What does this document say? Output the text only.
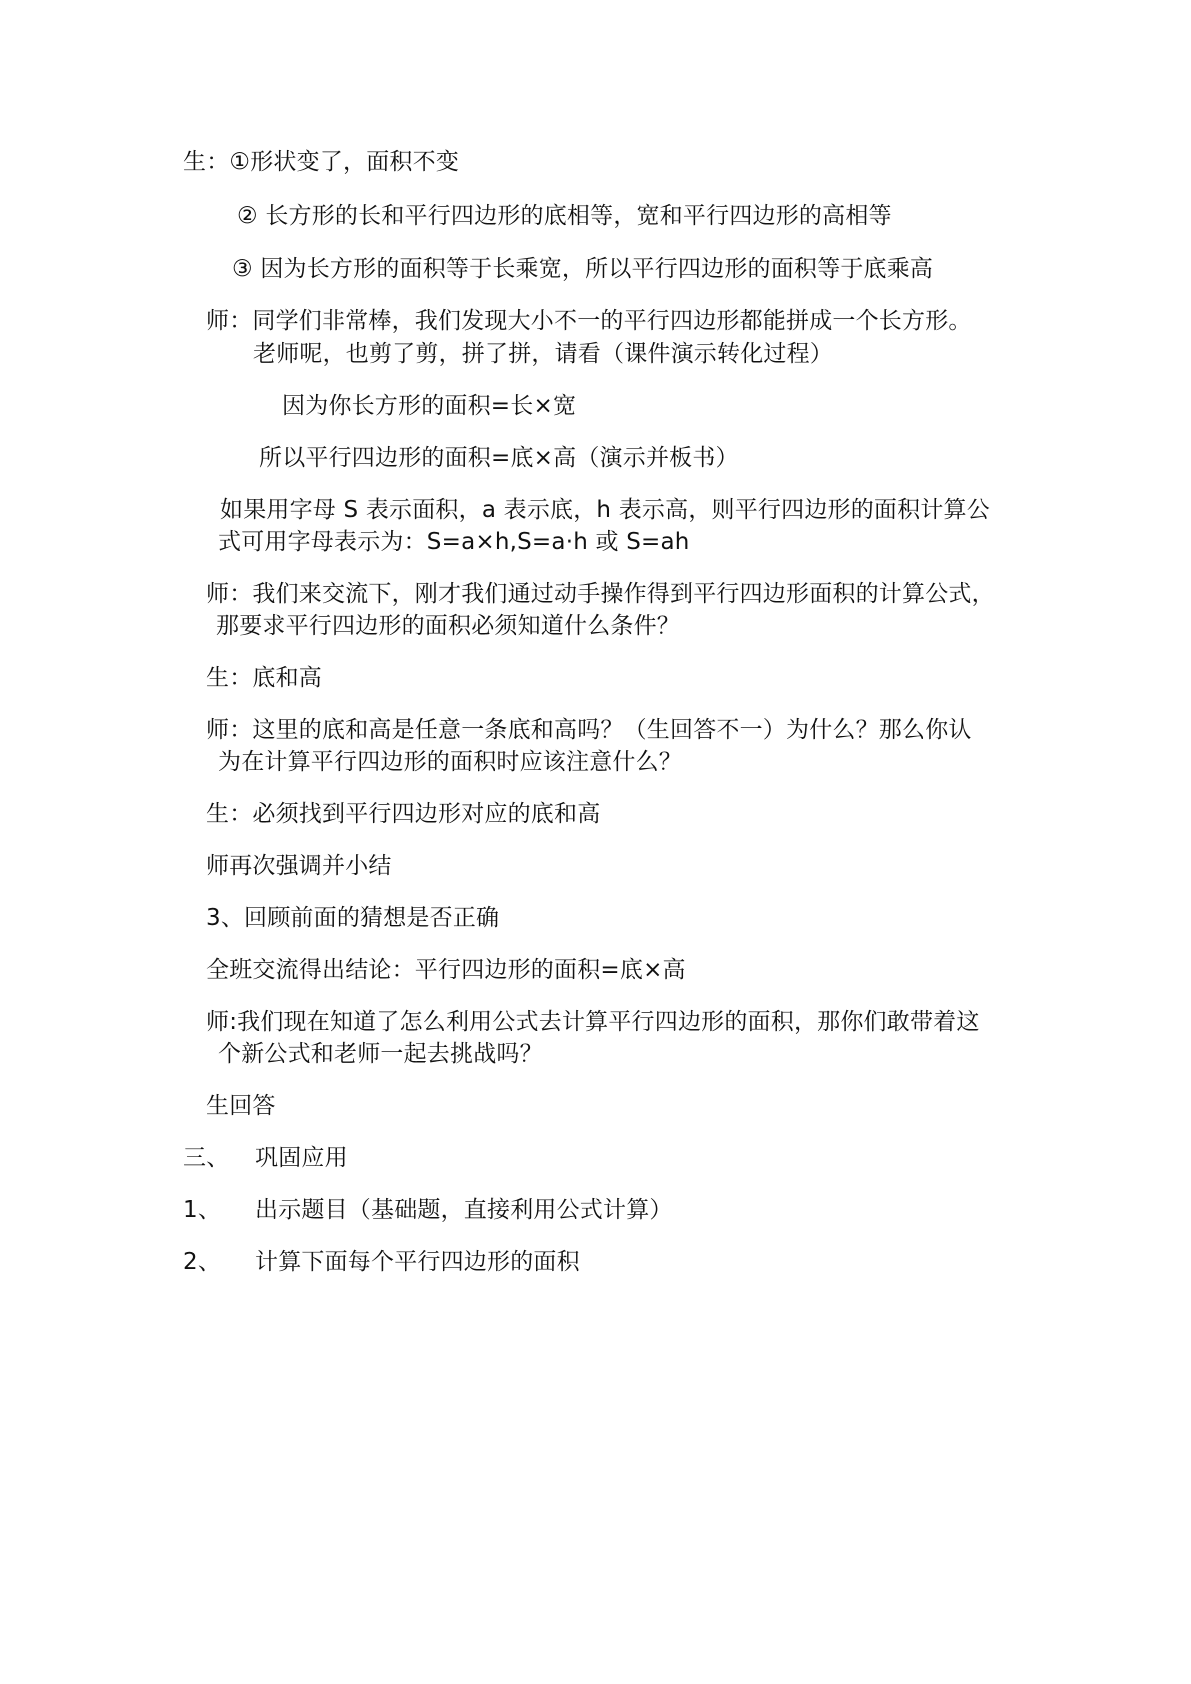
生：①形状变了，面积不变
② 长方形的长和平行四边形的底相等，宽和平行四边形的高相等
③ 因为长方形的面积等于长乘宽，所以平行四边形的面积等于底乘高
师：同学们非常棒，我们发现大小不一的平行四边形都能拼成一个长方形。
老师呢，也剪了剪，拼了拼，请看（课件演示转化过程）
因为你长方形的面积=长×宽
所以平行四边形的面积=底×高（演示并板书）
如果用字母 S 表示面积，a 表示底，h 表示高，则平行四边形的面积计算公
式可用字母表示为：S=a×h,S=a·h 或 S=ah
师：我们来交流下，刚才我们通过动手操作得到平行四边形面积的计算公式，
那要求平行四边形的面积必须知道什么条件？
生：底和高
师：这里的底和高是任意一条底和高吗？（生回答不一）为什么？那么你认
为在计算平行四边形的面积时应该注意什么？
生：必须找到平行四边形对应的底和高
师再次强调并小结
3、回顾前面的猜想是否正确
全班交流得出结论：平行四边形的面积=底×高
师:我们现在知道了怎么利用公式去计算平行四边形的面积，那你们敢带着这
个新公式和老师一起去挑战吗？
生回答
三、 巩固应用
1、 出示题目（基础题，直接利用公式计算）
2、 计算下面每个平行四边形的面积
